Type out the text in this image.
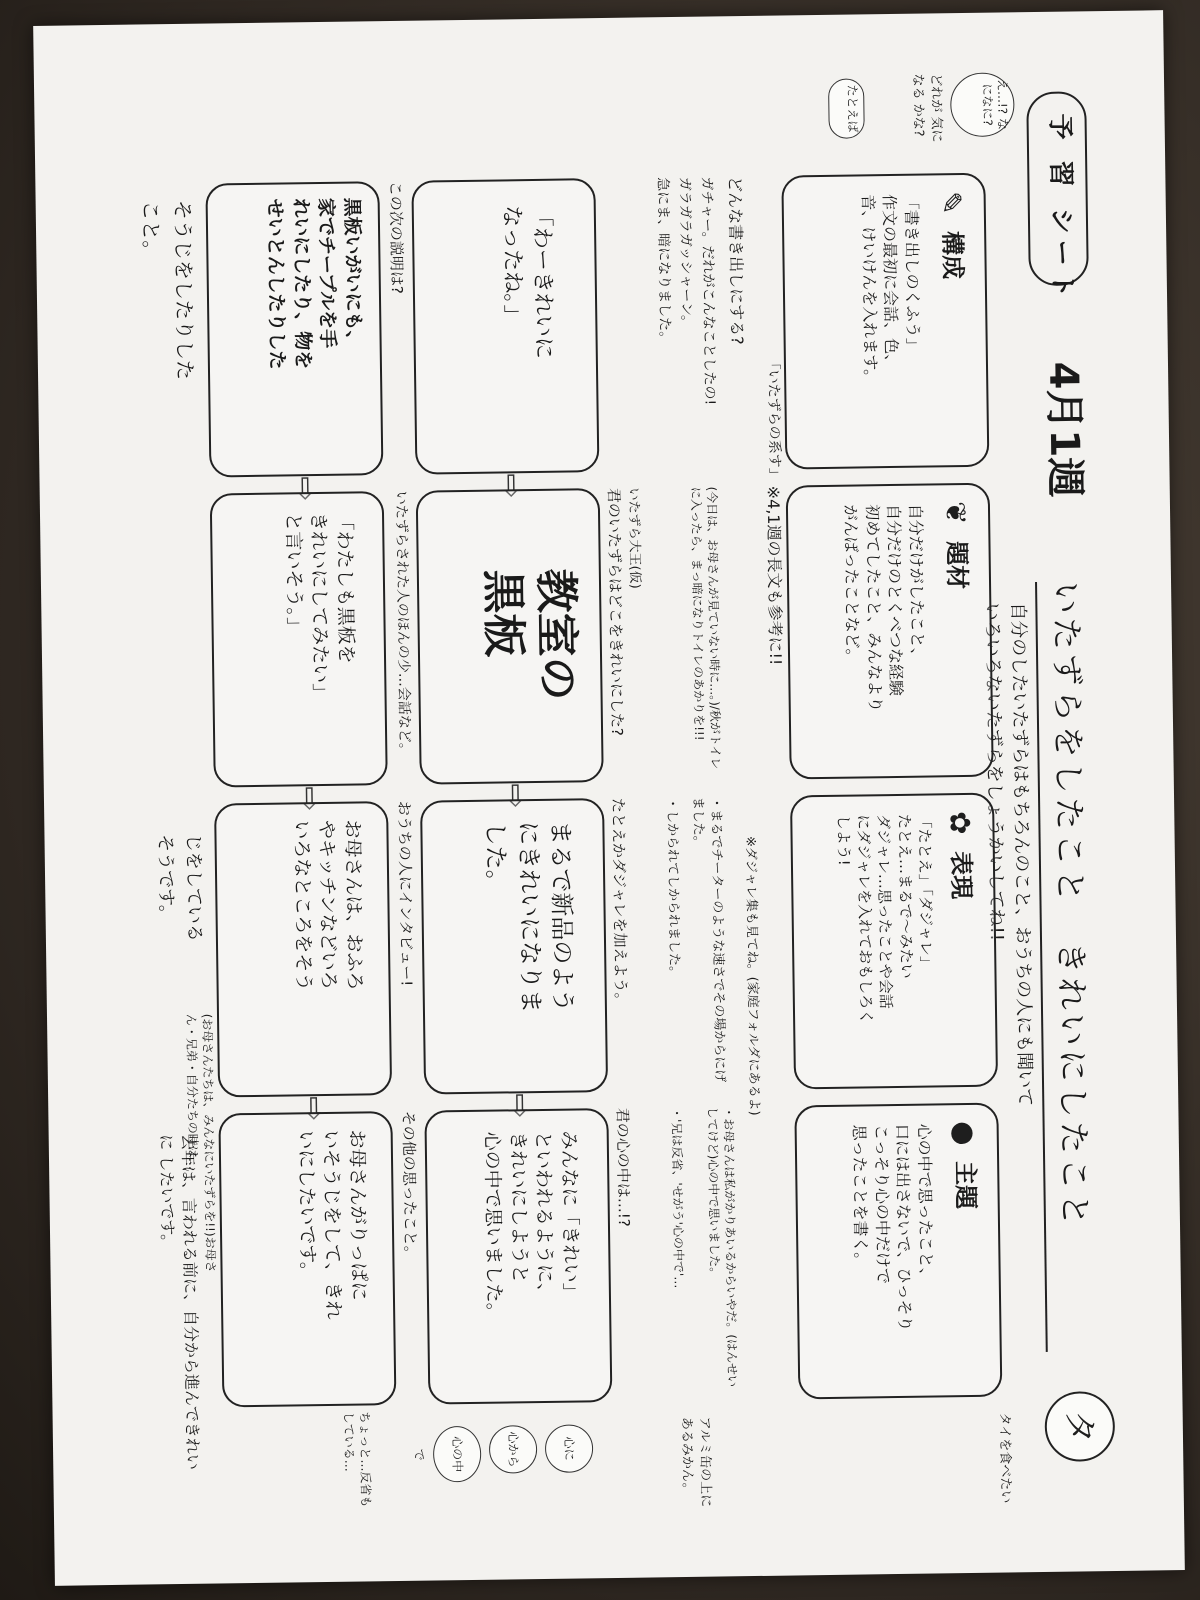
予 習 シート
4月1週
いたずらをしたこと　きれいにしたこと
自分のしたいたずらはもちろんのこと、おうちの人にも聞いて
いろいろないたずらをしょうかいしてね!!
タ
え…!? なになに?
どれが 気になる かな?
たとえば
✎
構成
「書き出しのくふう」
作文の最初に会話、色、
音、けいけんを入れます。
「いたずらの系す」
❦
題材
自分だけがしたこと、
自分だけのとくべつな経験
初めてしたこと、みんなより
がんばったことなど。
※4,1週の長文も参考に!!
✿
表現
「たとえ」「ダジャレ」
たとえ…まるで～みたい
ダジャレ…思ったことや会話
にダジャレを入れておもしろく
しよう!
●
主題
心の中で思ったこと、
口には出さないで、ひっそり
こっそり心の中だけで
思ったことを書く。
どんな書き出しにする?
ガチャー。だれがこんなことしたの!
ガラガラガッシャーン。
急にま、暗になりました。
(今日は、お母さんが見ていない時に…。)/秋がトイレに入ったら、まっ暗になりトイレのあかりを!!!
※ダジャレ集も見てね。(家庭フォルダにあるよ)
・まるでチーターのような速さでその場からにげました。
・しかられてしかられました。
・お母さんは私がかりあいるからいやだ。(はんせいしてけど)心の中で思いました。
・'兄は反省、'せがう'心の中で'…
いたずら大王(仮)
君のいたずらはどこをきれいにした?
たとえかダジャレを加えよう。
君の心の中は…!?
「わーきれいに
なったね。」
⇨
教室の
黒板
⇨
まるで新品のよう
にきれいになりま
した。
⇨
みんなに「きれい」
といわれるように、
きれいにしようと
心の中で思いました。
この次の説明は?
いたずらされた人のほんの少…会話など。
おうちの人にインタビュー!
その他の思ったこと。
黒板いがいにも、
家でチープルを手
れいにしたり、物を
せいとんしたりした
⇨
「わたしも黒板を
きれいにしてみたい」
と言いそう。」
⇨
お母さんは、おふろ
やキッチンなどいろ
いろなところをそう
⇨
お母さんがりっぱに
いそうじをして、きれ
いにしたいです。
そうじをしたりした
こと。
じをしている
そうです。
(お母さんたちは、みんなにいたずらを!!)お母さん・兄弟・自分たちの時は…
去年は、言われる前に、自分から進んできれいに したいです。
タイを食べたい
アルミ缶の上にあるみかん。
心に
心から
心の中で
ちょっと…反省もしている…
